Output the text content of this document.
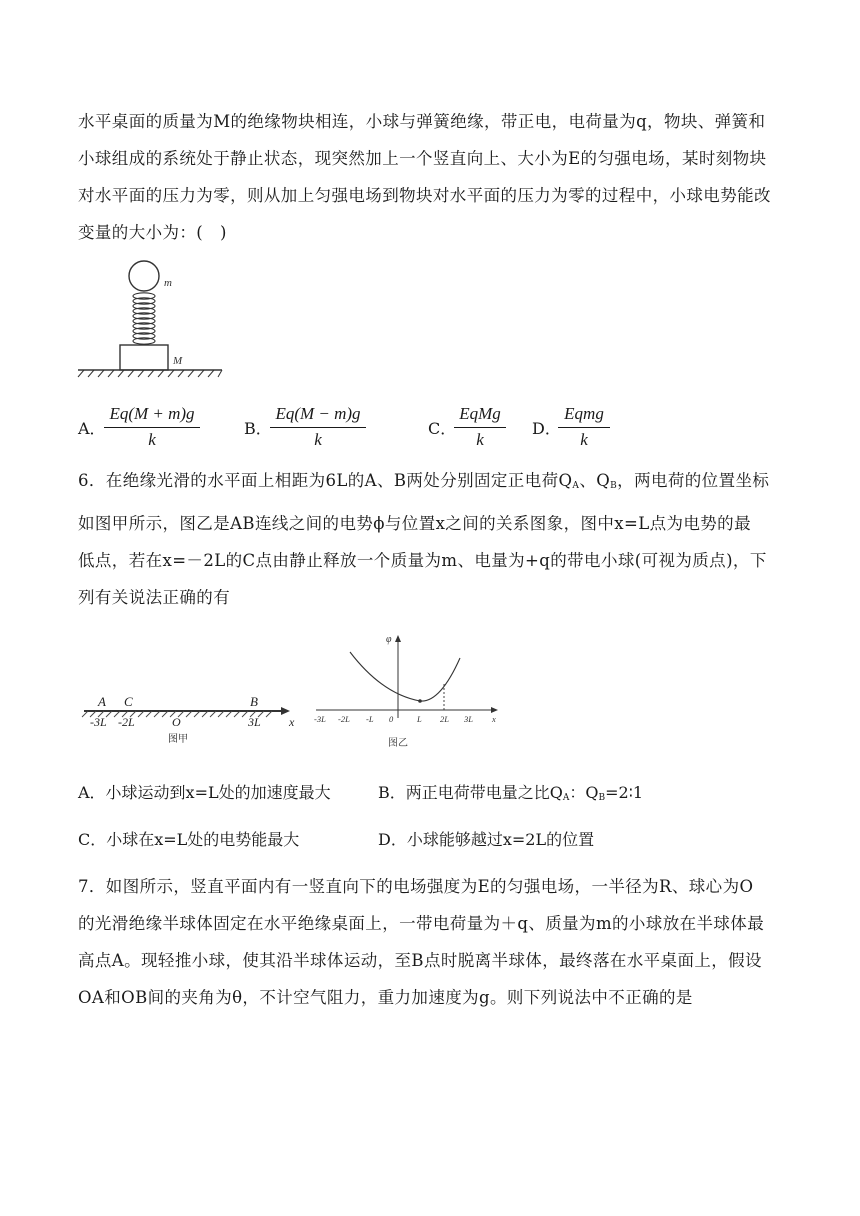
水平桌面的质量为M的绝缘物块相连，小球与弹簧绝缘，带正电，电荷量为q，物块、弹簧和
小球组成的系统处于静止状态，现突然加上一个竖直向上、大小为E的匀强电场，某时刻物块
对水平面的压力为零，则从加上匀强电场到物块对水平面的压力为零的过程中，小球电势能改
变量的大小为：(　)
m
M
A．
$\frac{Eq(M + m)g}{k}$	B．
$\frac{Eq(M - m)g}{k}$	C．
EqMg
k
D．
Eqmg
k
6．在绝缘光滑的水平面上相距为6L的A、B两处分别固定正电荷QA、QB，两电荷的位置坐标
如图甲所示，图乙是AB连线之间的电势ϕ与位置x之间的关系图象，图中x=L点为电势的最
低点，若在x=－2L的C点由静止释放一个质量为m、电量为+q的带电小球(可视为质点)，下
列有关说法正确的有
A C
O
B
-3L -2L	3L x
图甲
φ
-3L -2L -L 0	L 2L 3L x
图乙
A．小球运动到x=L处的加速度最大	B．两正电荷带电量之比QA：QB=2∶1
C．小球在x=L处的电势能最大	D．小球能够越过x=2L的位置
7．如图所示，竖直平面内有一竖直向下的电场强度为E的匀强电场，一半径为R、球心为O
的光滑绝缘半球体固定在水平绝缘桌面上，一带电荷量为＋q、质量为m的小球放在半球体最
高点A。现轻推小球，使其沿半球体运动，至B点时脱离半球体，最终落在水平桌面上，假设
OA和OB间的夹角为θ，不计空气阻力，重力加速度为g。则下列说法中不正确的是
